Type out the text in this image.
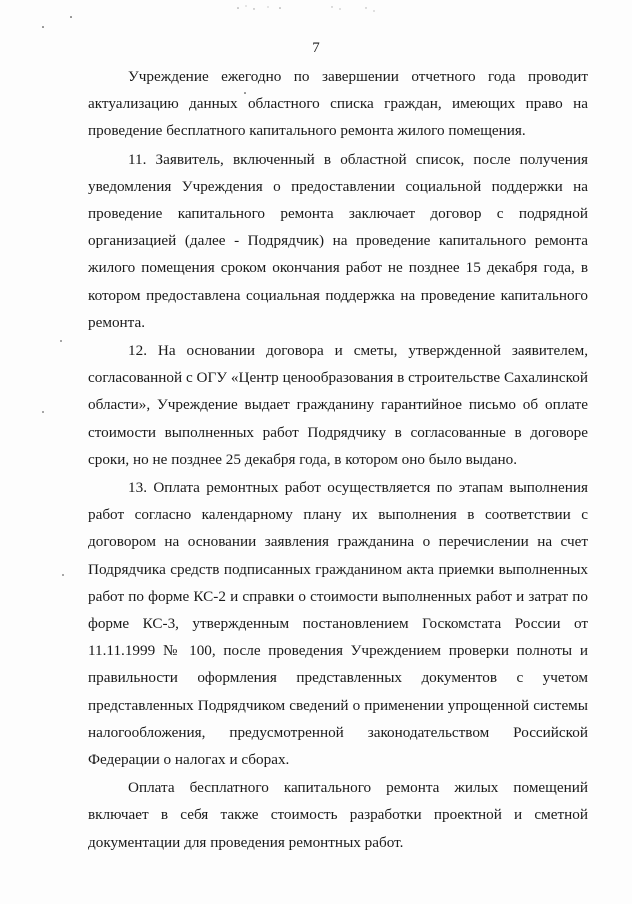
7

Учреждение ежегодно по завершении отчетного года проводит актуализацию данных областного списка граждан, имеющих право на проведение бесплатного капитального ремонта жилого помещения.

11. Заявитель, включенный в областной список, после получения уведомления Учреждения о предоставлении социальной поддержки на проведение капитального ремонта заключает договор с подрядной организацией (далее - Подрядчик) на проведение капитального ремонта жилого помещения сроком окончания работ не позднее 15 декабря года, в котором предоставлена социальная поддержка на проведение капитального ремонта.

12. На основании договора и сметы, утвержденной заявителем, согласованной с ОГУ «Центр ценообразования в строительстве Сахалинской области», Учреждение выдает гражданину гарантийное письмо об оплате стоимости выполненных работ Подрядчику в согласованные в договоре сроки, но не позднее 25 декабря года, в котором оно было выдано.

13. Оплата ремонтных работ осуществляется по этапам выполнения работ согласно календарному плану их выполнения в соответствии с договором на основании заявления гражданина о перечислении на счет Подрядчика средств подписанных гражданином акта приемки выполненных работ по форме КС-2 и справки о стоимости выполненных работ и затрат по форме КС-3, утвержденным постановлением Госкомстата России от 11.11.1999 № 100, после проведения Учреждением проверки полноты и правильности оформления представленных документов с учетом представленных Подрядчиком сведений о применении упрощенной системы налогообложения, предусмотренной законодательством Российской Федерации о налогах и сборах.

Оплата бесплатного капитального ремонта жилых помещений включает в себя также стоимость разработки проектной и сметной документации для проведения ремонтных работ.
